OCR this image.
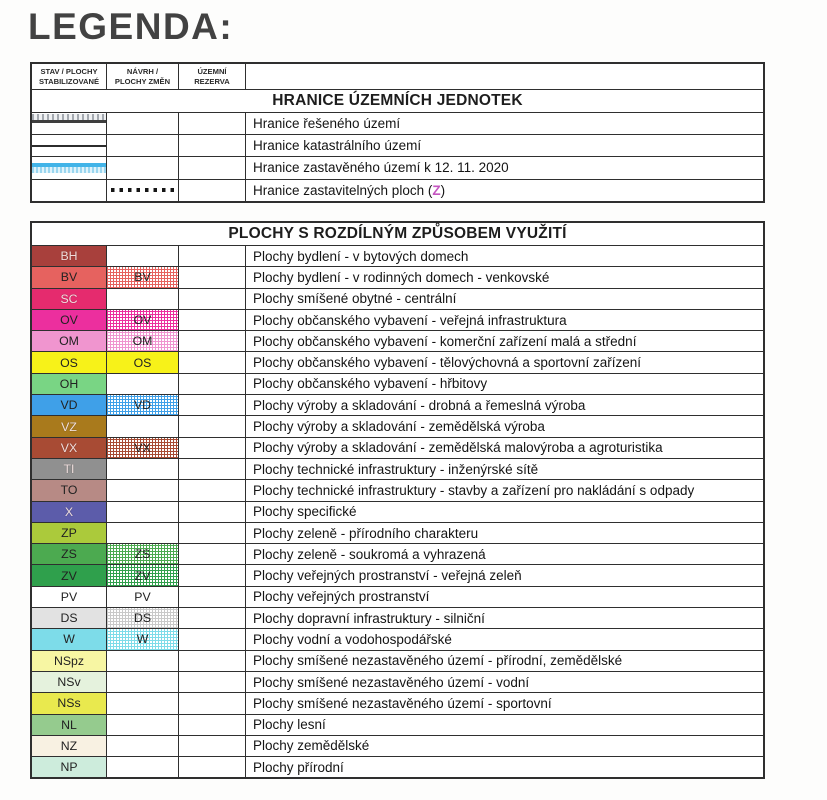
LEGENDA:
STAV / PLOCHY
STABILIZOVANÉ
NÁVRH /
PLOCHY ZMĚN
ÚZEMNÍ
REZERVA
HRANICE ÚZEMNÍCH JEDNOTEK
Hranice řešeného území
Hranice katastrálního území
Hranice zastavěného území k 12. 11. 2020
Hranice zastavitelných ploch (Z)
PLOCHY S ROZDÍLNÝM ZPŮSOBEM VYUŽITÍ
BH	Plochy bydlení - v bytových domech
BV	BV	Plochy bydlení - v rodinných domech - venkovské
SC	Plochy smíšené obytné - centrální
OV	OV	Plochy občanského vybavení - veřejná infrastruktura
OM	OM	Plochy občanského vybavení - komerční zařízení malá a střední
OS	OS	Plochy občanského vybavení - tělovýchovná a sportovní zařízení
OH	Plochy občanského vybavení - hřbitovy
VD	VD	Plochy výroby a skladování - drobná a řemeslná výroba
VZ	Plochy výroby a skladování - zemědělská výroba
VX	VX	Plochy výroby a skladování - zemědělská malovýroba a agroturistika
TI	Plochy technické infrastruktury - inženýrské sítě
TO	Plochy technické infrastruktury - stavby a zařízení pro nakládání s odpady
X	Plochy specifické
ZP	Plochy zeleně - přírodního charakteru
ZS	ZS	Plochy zeleně - soukromá a vyhrazená
ZV	ZV	Plochy veřejných prostranství - veřejná zeleň
PV	PV	Plochy veřejných prostranství
DS	DS	Plochy dopravní infrastruktury - silniční
W	W	Plochy vodní a vodohospodářské
NSpz	Plochy smíšené nezastavěného území - přírodní, zemědělské
NSv	Plochy smíšené nezastavěného území - vodní
NSs	Plochy smíšené nezastavěného území - sportovní
NL	Plochy lesní
NZ	Plochy zemědělské
NP	Plochy přírodní
